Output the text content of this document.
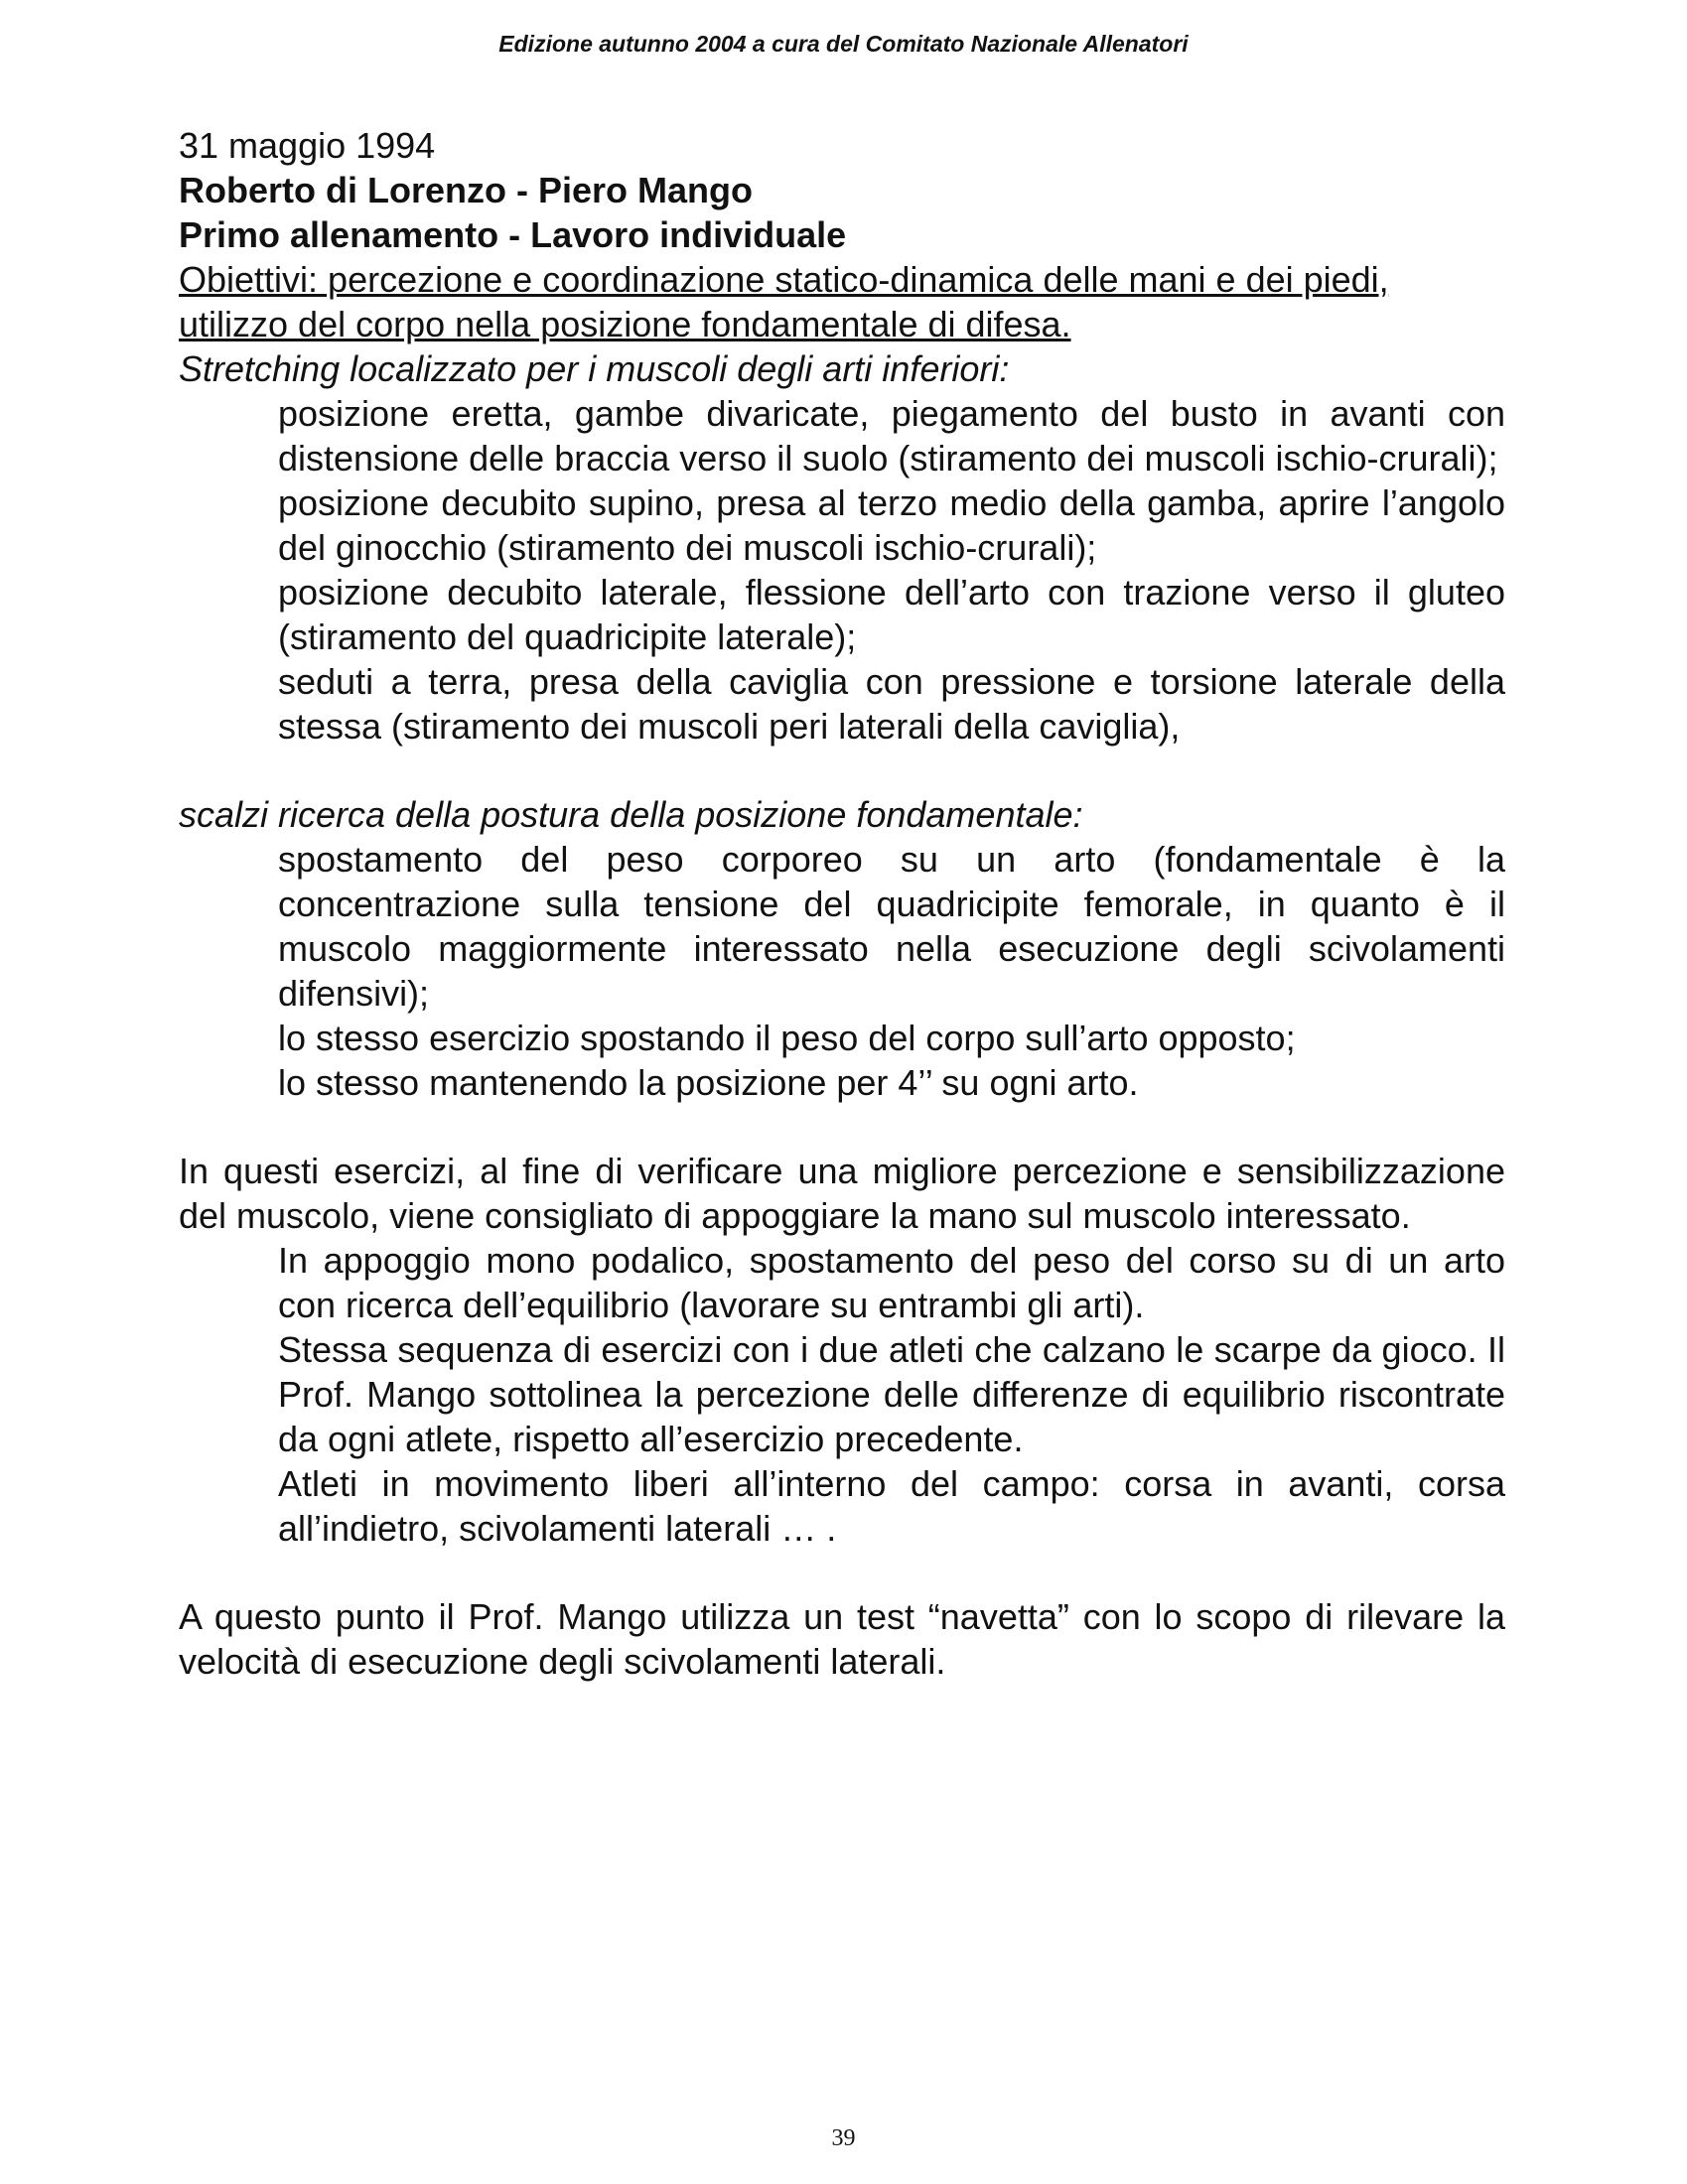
Edizione autunno 2004 a cura del Comitato Nazionale Allenatori

31 maggio 1994

Roberto di Lorenzo - Piero Mango

Primo allenamento - Lavoro individuale

Obiettivi: percezione e coordinazione statico-dinamica delle mani e dei piedi, utilizzo del corpo nella posizione fondamentale di difesa.

Stretching localizzato per i muscoli degli arti inferiori:

posizione eretta, gambe divaricate, piegamento del busto in avanti con distensione delle braccia verso il suolo (stiramento dei muscoli ischio-crurali);

posizione decubito supino, presa al terzo medio della gamba, aprire l’angolo del ginocchio (stiramento dei muscoli ischio-crurali);

posizione decubito laterale, flessione dell’arto con trazione verso il gluteo (stiramento del quadricipite laterale);

seduti a terra, presa della caviglia con pressione e torsione laterale della stessa (stiramento dei muscoli peri laterali della caviglia),

scalzi ricerca della postura della posizione fondamentale:

spostamento del peso corporeo su un arto (fondamentale è la concentrazione sulla tensione del quadricipite femorale, in quanto è il muscolo maggiormente interessato nella esecuzione degli scivolamenti difensivi);

lo stesso esercizio spostando il peso del corpo sull’arto opposto;

lo stesso mantenendo la posizione per 4’’ su ogni arto.

In questi esercizi, al fine di verificare una migliore percezione e sensibilizzazione del muscolo, viene consigliato di appoggiare la mano sul muscolo interessato.

In appoggio mono podalico, spostamento del peso del corso su di un arto con ricerca dell’equilibrio (lavorare su entrambi gli arti).

Stessa sequenza di esercizi con i due atleti che calzano le scarpe da gioco. Il Prof. Mango sottolinea la percezione delle differenze di equilibrio riscontrate da ogni atlete, rispetto all’esercizio precedente.

Atleti in movimento liberi all’interno del campo: corsa in avanti, corsa all’indietro, scivolamenti laterali … .

A questo punto il Prof. Mango utilizza un test “navetta” con lo scopo di rilevare la velocità di esecuzione degli scivolamenti laterali.

39
